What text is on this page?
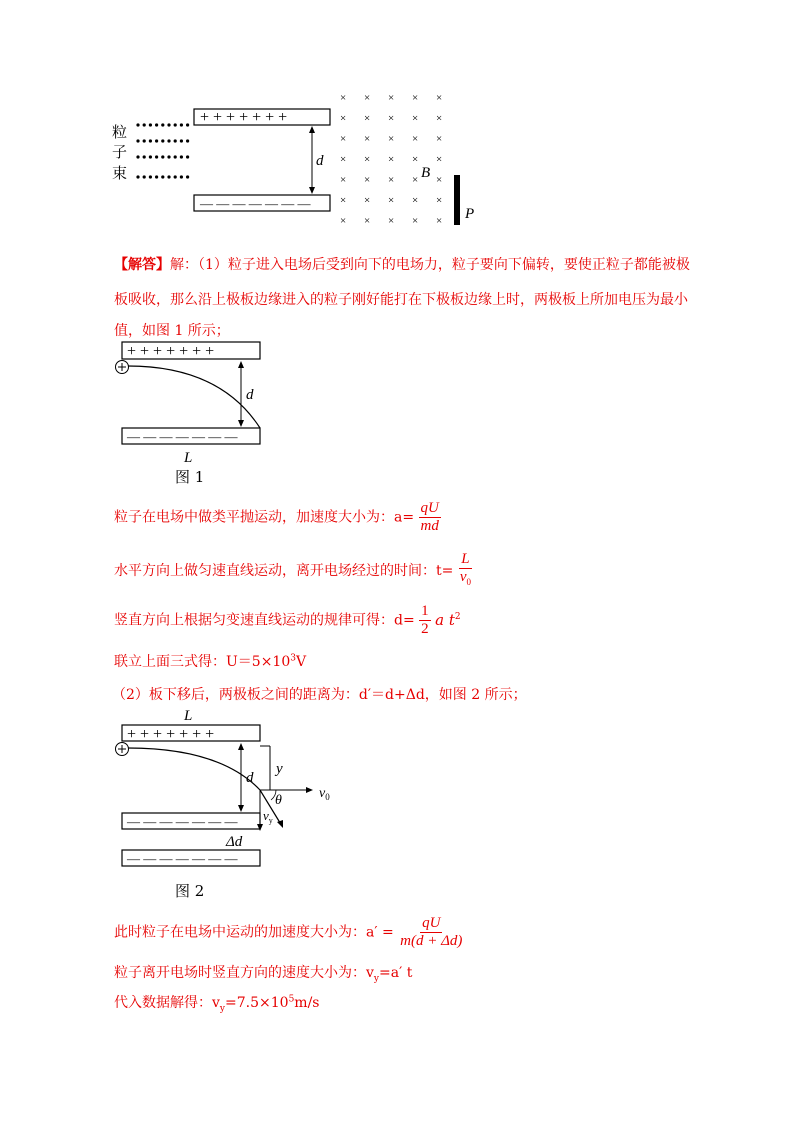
粒
子
束
+ + + + + + +
— — — — — — —
d
× × × × ×
× × × × ×
× × × × ×
× × × × ×
× × × × ×
× × × × ×
× × × × ×
B
P
【解答】解：（1）粒子进入电场后受到向下的电场力，粒子要向下偏转，要使正粒子都能被极
板吸收，那么沿上极板边缘进入的粒子刚好能打在下极板边缘上时，两极板上所加电压为最小
值，如图 1 所示；
+ + + + + + +
— — — — — — —
d
L
图 1
粒子在电场中做类平抛运动，加速度大小为：$a= \frac{qU}{md}$
水平方向上做匀速直线运动，离开电场经过的时间：$t= \frac{L}{v_0}$
竖直方向上根据匀变速直线运动的规律可得：$d= \frac{1}{2}$ a $t^2$
联立上面三式得：$U=5\times 10^3V$
（2）板下移后，两极板之间的距离为：d′＝d+Δd，如图 2 所示；
L
+ + + + + + +
— — — — — — —
— — — — — — —
d
y
$v_0$
θ
$v_y$
Δd
图 2
此时粒子在电场中运动的加速度大小为：$a' = \frac{qU}{m(d + \Delta d)}$
粒子离开电场时竖直方向的速度大小为：$v_y=a'$ t
代入数据解得：$v_y=7.5\times 10^5m/s$
